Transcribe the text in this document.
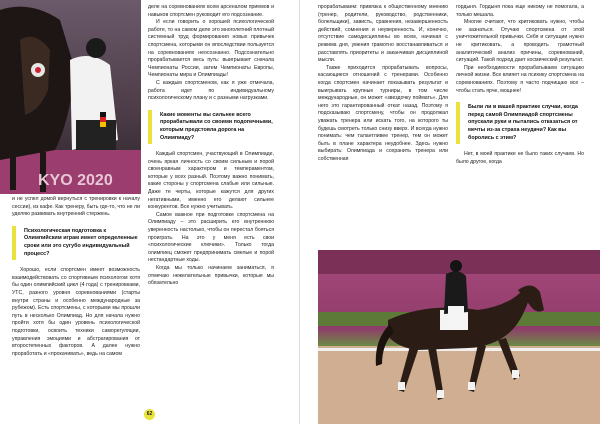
KYO 2020

и не успел домой вернуться с тренировки к началу сессии), из кафе. Как тренеру, быть где-то, что не ли уделяю развивать внутренний стержень.

Психологическая подготовка к Олимпийским играм имеет определенные сроки или это сугубо индивидуальный процесс?

Хорошо, если спортсмен имеет возможность взаимодействовать со спортивным психологом хотя бы один олимпийский цикл (4 года) с тренировками, УТС, разного уровня соревнованиями (старты внутри страны и особенно международные за рубежом). Есть спортсмены, с которыми мы прошли путь в несколько Олимпиад. Но для начала нужно пройти хотя бы один уровень психологической подготовки, освоить техники саморегуляции, управления эмоциями и абстрагирования от второстепенных факторов. А далее нужно проработать и «прокачивать», ведь на самом

деле на соревнованиях всем арсеналом приемов и навыков спортсмен руководит его подсознание.

И если говорить о хорошей психологической работе, то на самом деле это многолетний плотный системный труд формирования новых привычек спортсмена, которыми он впоследствии пользуется на соревнованиях неосознанно. Подсознательно прорабатывается весь путь: выигрывает сначала Чемпионаты России, затем Чемпионаты Европы, Чемпионаты мира и Олимпиады!

С каждым спортсменом, как я уже отмечала, работа идет по индивидуальному психологическому плану и с разными нагрузками.

Какие моменты вы сильнее всего прорабатывали со своими подопечными, которым предстояла дорога на Олимпиаду?

Каждый спортсмен, участвующий в Олимпиаде, очень яркая личность со своим сильным и порой своенравным характером и темпераментом, которые у всех разный. Поэтому важно понимать, какие стороны у спортсмена слабые или сильные. Даже те черты, которые кажутся для других негативными, именно его делают сильнее конкурентов. Все нужно учитывать.

Самое важное при подготовке спортсмена на Олимпиаду – это расширить его внутреннюю уверенность настолько, чтобы он перестал бояться проиграть. На это у меня есть свои «психологические ключики». Только тогда олимпиец сможет предпринимать смелые и порой нестандартные ходы.

Когда мы только начинаем заниматься, я отмечаю нежелательные привычки, которые мы обязательно

62

прорабатываем: привязка к общественному мнению (тренер, родители, руководство, родственники, болельщики), зависть, сравнения, незавершенность действий, сомнения и неуверенность. И, конечно, отсутствие самодисциплины во всем, начиная с режима дня, умения грамотно восстанавливаться и расставлять приоритеты и заканчивая дисциплиной мысли.

Также приходится прорабатывать вопросы, касающиеся отношений с тренерами. Особенно когда спортсмен начинает показывать результат и выигрывать крупные турниры, в том числе международные, он может «звездочку поймать». Для него это гарантированный откат назад. Поэтому я подсказываю спортсмену, чтобы он продолжал уважать тренера или искать того, на которого ты будешь смотреть только снизу вверх. И всегда нужно понимать: чем талантливее тренер, тем он может быть в плане характера неудобнее. Здесь нужно выбирать: Олимпиада и сохранить тренера или собственная

гордыня. Гордыня пока еще никому не помогала, а только мешала.

Многие считают, что критиковать нужно, чтобы не зазнаться. Отучаю спортсмена от этой уничтожительной привычки. Себя и ситуации нужно не критиковать, а проводить грамотный аналитический анализ причины, соревнований, ситуаций. Такой подход дает космический результат.

При необходимости прорабатываем ситуацию личной жизни. Все влияет на психику спортсмена на соревнованиях. Поэтому я часто подчищаю все – чтобы стать ярче, мощнее!

Были ли в вашей практике случаи, когда перед самой Олимпиадой спортсмены опускали руки и пытались отказаться от мечты из-за страха неудачи? Как вы боролись с этим?

Нет, в моей практике не было таких случаев. Но было другое, когда
